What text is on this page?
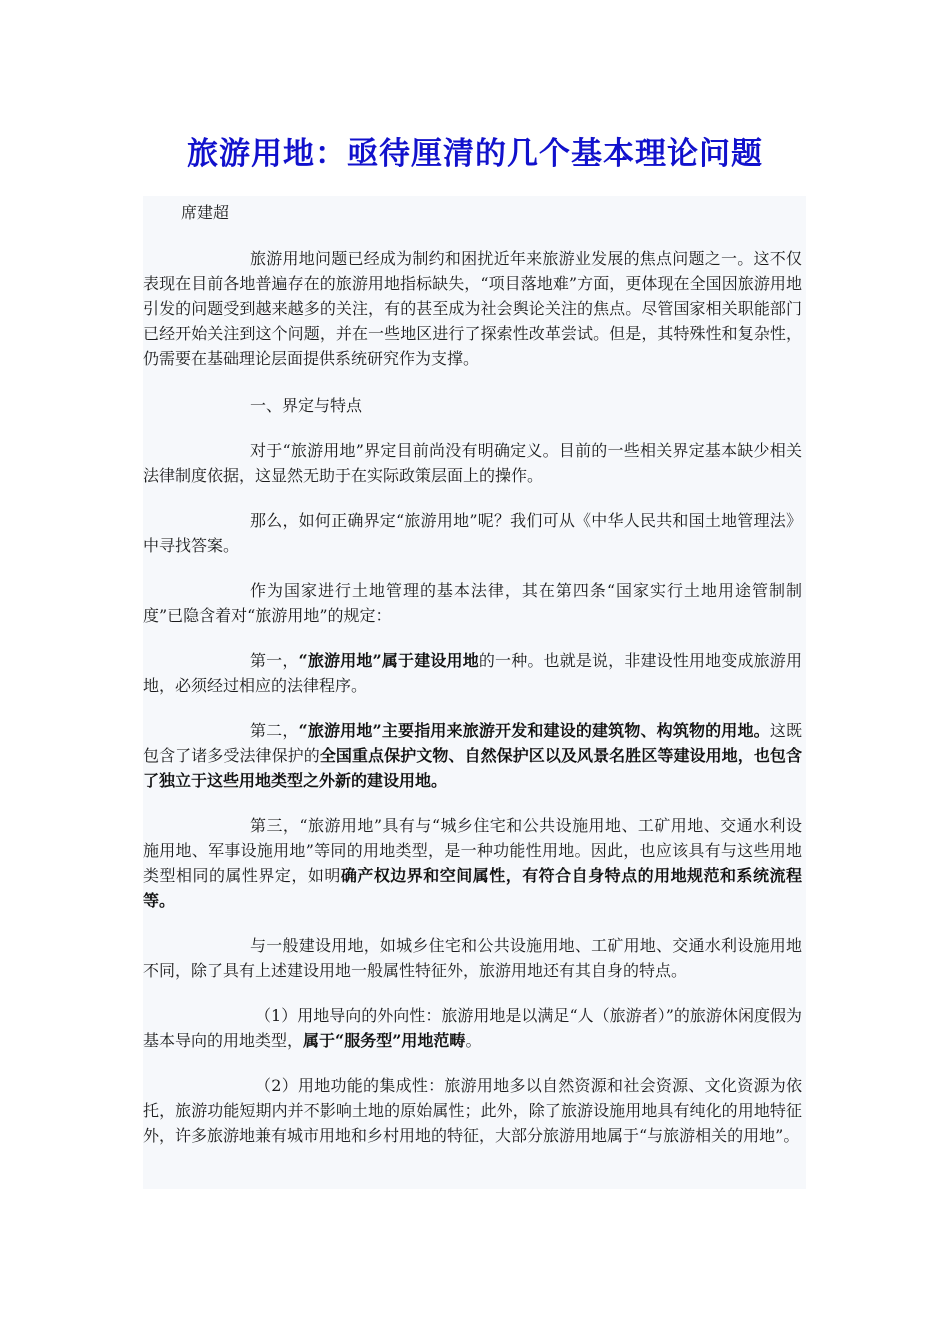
旅游用地：亟待厘清的几个基本理论问题
席建超

旅游用地问题已经成为制约和困扰近年来旅游业发展的焦点问题之一。这不仅表现在目前各地普遍存在的旅游用地指标缺失，“项目落地难”方面，更体现在全国因旅游用地引发的问题受到越来越多的关注，有的甚至成为社会舆论关注的焦点。尽管国家相关职能部门已经开始关注到这个问题，并在一些地区进行了探索性改革尝试。但是，其特殊性和复杂性，仍需要在基础理论层面提供系统研究作为支撑。

一、界定与特点

对于“旅游用地”界定目前尚没有明确定义。目前的一些相关界定基本缺少相关法律制度依据，这显然无助于在实际政策层面上的操作。

那么，如何正确界定“旅游用地”呢？我们可从《中华人民共和国土地管理法》中寻找答案。

作为国家进行土地管理的基本法律，其在第四条“国家实行土地用途管制制度”已隐含着对“旅游用地”的规定：

第一，“旅游用地”属于建设用地的一种。也就是说，非建设性用地变成旅游用地，必须经过相应的法律程序。

第二，“旅游用地”主要指用来旅游开发和建设的建筑物、构筑物的用地。这既包含了诸多受法律保护的全国重点保护文物、自然保护区以及风景名胜区等建设用地，也包含了独立于这些用地类型之外新的建设用地。

第三，“旅游用地”具有与“城乡住宅和公共设施用地、工矿用地、交通水利设施用地、军事设施用地”等同的用地类型，是一种功能性用地。因此，也应该具有与这些用地类型相同的属性界定，如明确产权边界和空间属性，有符合自身特点的用地规范和系统流程等。

与一般建设用地，如城乡住宅和公共设施用地、工矿用地、交通水利设施用地不同，除了具有上述建设用地一般属性特征外，旅游用地还有其自身的特点。

（1）用地导向的外向性：旅游用地是以满足“人（旅游者）”的旅游休闲度假为基本导向的用地类型，属于“服务型”用地范畴。

（2）用地功能的集成性：旅游用地多以自然资源和社会资源、文化资源为依托，旅游功能短期内并不影响土地的原始属性；此外，除了旅游设施用地具有纯化的用地特征外，许多旅游地兼有城市用地和乡村用地的特征，大部分旅游用地属于“与旅游相关的用地”。
